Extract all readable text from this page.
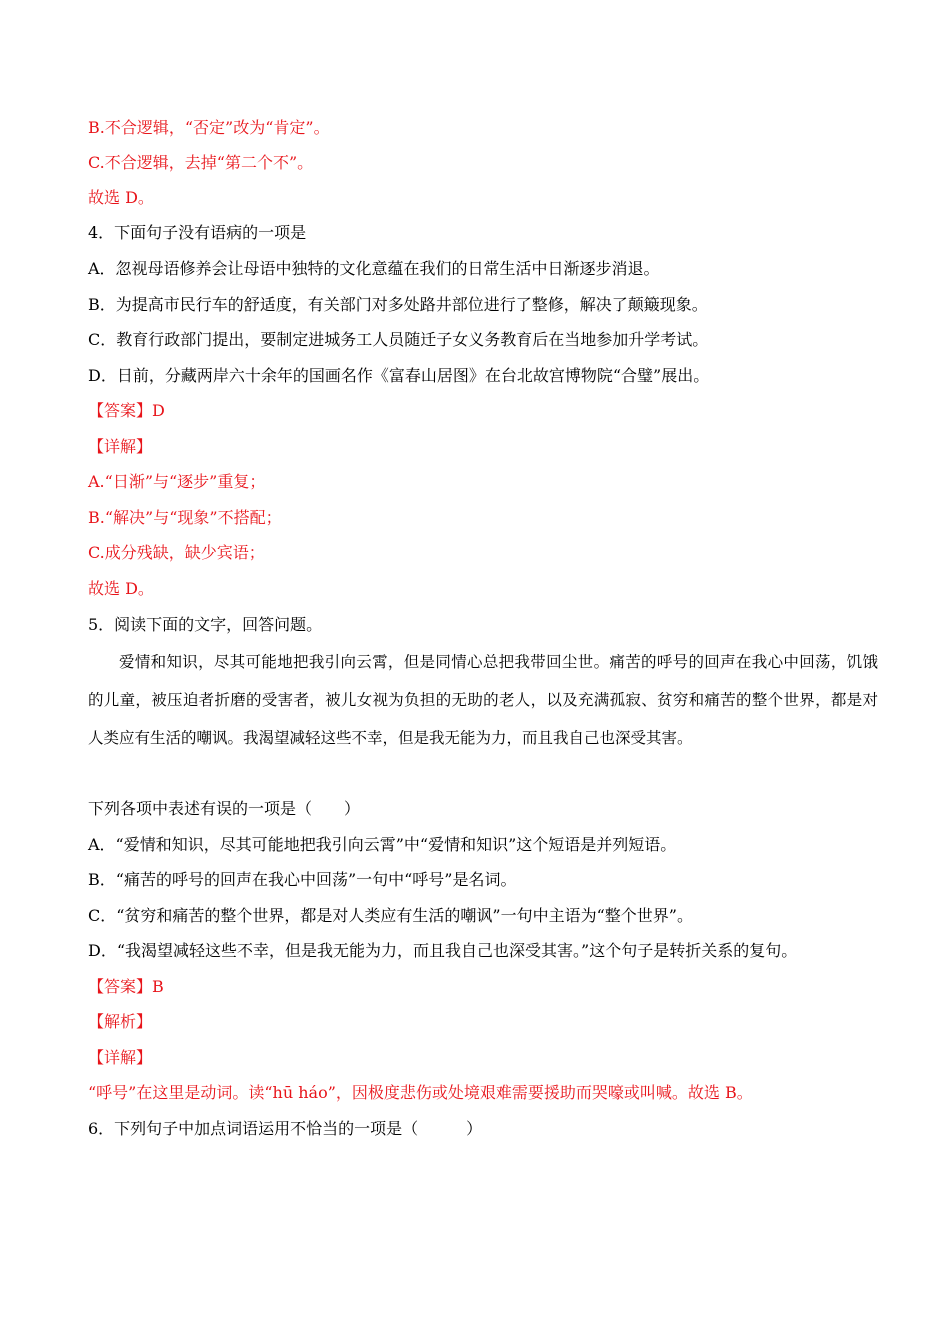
B.不合逻辑，“否定”改为“肯定”。
C.不合逻辑，去掉“第二个不”。
故选 D。
4．下面句子没有语病的一项是
A．忽视母语修养会让母语中独特的文化意蕴在我们的日常生活中日渐逐步消退。
B．为提高市民行车的舒适度，有关部门对多处路井部位进行了整修，解决了颠簸现象。
C．教育行政部门提出，要制定进城务工人员随迁子女义务教育后在当地参加升学考试。
D．日前，分藏两岸六十余年的国画名作《富春山居图》在台北故宫博物院“合璧”展出。
【答案】D
【详解】
A.“日渐”与“逐步”重复；
B.“解决”与“现象”不搭配；
C.成分残缺，缺少宾语；
故选 D。
5．阅读下面的文字，回答问题。

爱情和知识，尽其可能地把我引向云霄，但是同情心总把我带回尘世。痛苦的呼号的回声在我心中回荡，饥饿的儿童，被压迫者折磨的受害者，被儿女视为负担的无助的老人，以及充满孤寂、贫穷和痛苦的整个世界，都是对人类应有生活的嘲讽。我渴望减轻这些不幸，但是我无能为力，而且我自己也深受其害。

下列各项中表述有误的一项是（　　）
A．“爱情和知识，尽其可能地把我引向云霄”中“爱情和知识”这个短语是并列短语。
B．“痛苦的呼号的回声在我心中回荡”一句中“呼号”是名词。
C．“贫穷和痛苦的整个世界，都是对人类应有生活的嘲讽”一句中主语为“整个世界”。
D．“我渴望减轻这些不幸，但是我无能为力，而且我自己也深受其害。”这个句子是转折关系的复句。
【答案】B
【解析】
【详解】
“呼号”在这里是动词。读“hū háo”，因极度悲伤或处境艰难需要援助而哭嚎或叫喊。故选 B。
6．下列句子中加点词语运用不恰当的一项是（　　　）
